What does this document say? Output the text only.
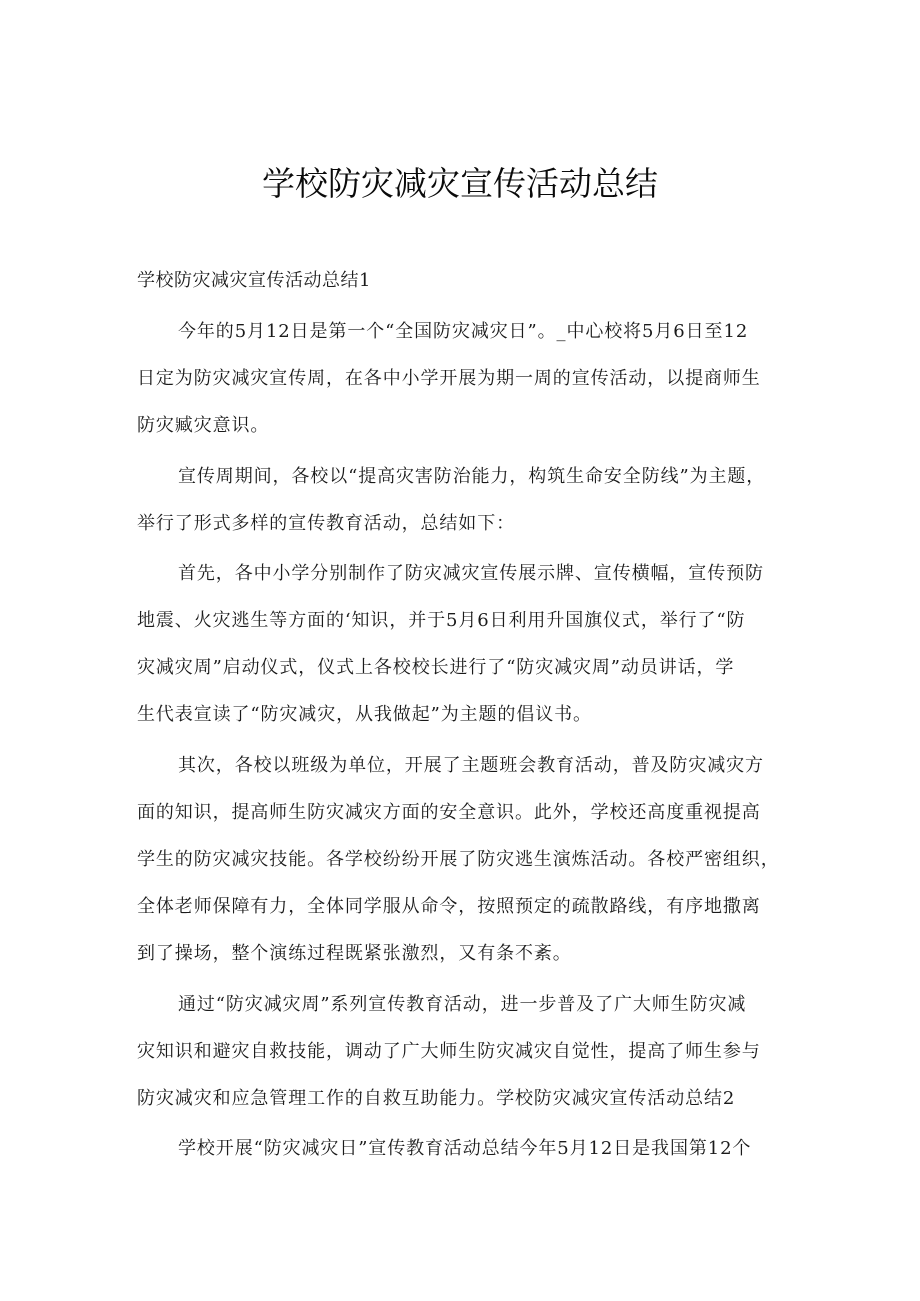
学校防灾减灾宣传活动总结

学校防灾减灾宣传活动总结1

今年的5月12日是第一个“全国防灾减灾日”。_中心校将5月6日至12

日定为防灾减灾宣传周，在各中小学开展为期一周的宣传活动，以提商师生

防灾臧灾意识。

宣传周期间，各校以“提高灾害防治能力，构筑生命安全防线”为主题，

举行了形式多样的宣传教育活动，总结如下：

首先，各中小学分别制作了防灾减灾宣传展示牌、宣传横幅，宣传预防

地震、火灾逃生等方面的‘知识，并于5月6日利用升国旗仪式，举行了“防

灾减灾周”启动仪式，仪式上各校校长进行了“防灾减灾周”动员讲话，学

生代表宣读了“防灾减灾，从我做起”为主题的倡议书。

其次，各校以班级为单位，开展了主题班会教育活动，普及防灾减灾方

面的知识，提高师生防灾减灾方面的安全意识。此外，学校还高度重视提高

学生的防灾减灾技能。各学校纷纷开展了防灾逃生演炼活动。各校严密组织，

全体老师保障有力，全体同学服从命令，按照预定的疏散路线，有序地撒离

到了操场，整个演练过程既紧张激烈，又有条不紊。

通过“防灾减灾周”系列宣传教育活动，进一步普及了广大师生防灾减

灾知识和避灾自救技能，调动了广大师生防灾减灾自觉性，提高了师生参与

防灾减灾和应急管理工作的自救互助能力。学校防灾减灾宣传活动总结2

学校开展“防灾减灾日”宣传教育活动总结今年5月12日是我国第12个
